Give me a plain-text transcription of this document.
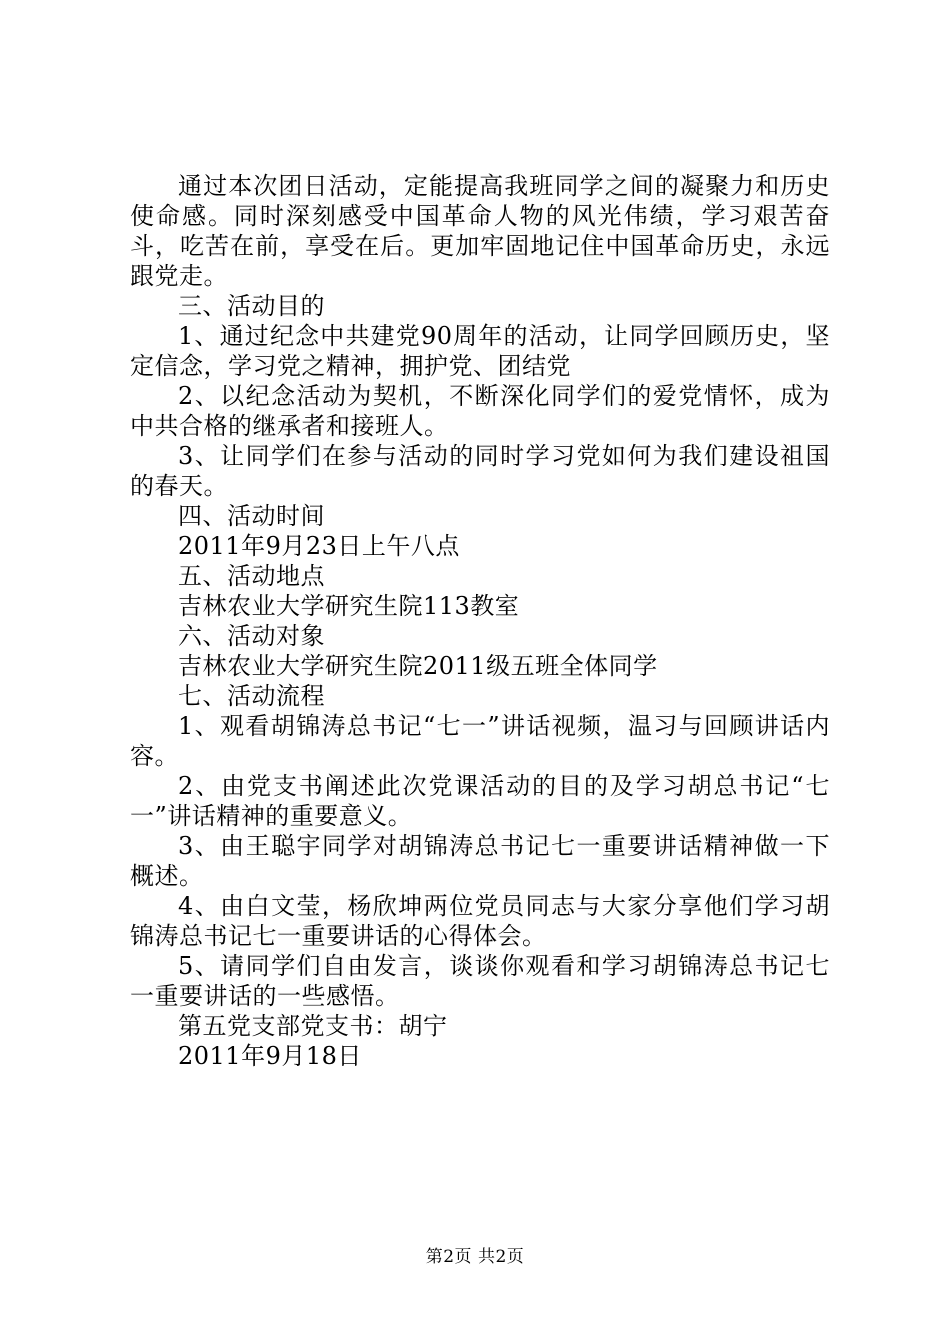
通过本次团日活动，定能提高我班同学之间的凝聚力和历史使命感。同时深刻感受中国革命人物的风光伟绩，学习艰苦奋斗，吃苦在前，享受在后。更加牢固地记住中国革命历史，永远跟党走。

三、活动目的

1、通过纪念中共建党90周年的活动，让同学回顾历史，坚定信念，学习党之精神，拥护党、团结党

2、以纪念活动为契机，不断深化同学们的爱党情怀，成为中共合格的继承者和接班人。

3、让同学们在参与活动的同时学习党如何为我们建设祖国的春天。

四、活动时间

2011年9月23日上午八点

五、活动地点

吉林农业大学研究生院113教室

六、活动对象

吉林农业大学研究生院2011级五班全体同学

七、活动流程

1、观看胡锦涛总书记“七一”讲话视频，温习与回顾讲话内容。

2、由党支书阐述此次党课活动的目的及学习胡总书记“七一”讲话精神的重要意义。

3、由王聪宇同学对胡锦涛总书记七一重要讲话精神做一下概述。

4、由白文莹，杨欣坤两位党员同志与大家分享他们学习胡锦涛总书记七一重要讲话的心得体会。

5、请同学们自由发言，谈谈你观看和学习胡锦涛总书记七一重要讲话的一些感悟。

第五党支部党支书：胡宁

2011年9月18日

第2页 共2页
